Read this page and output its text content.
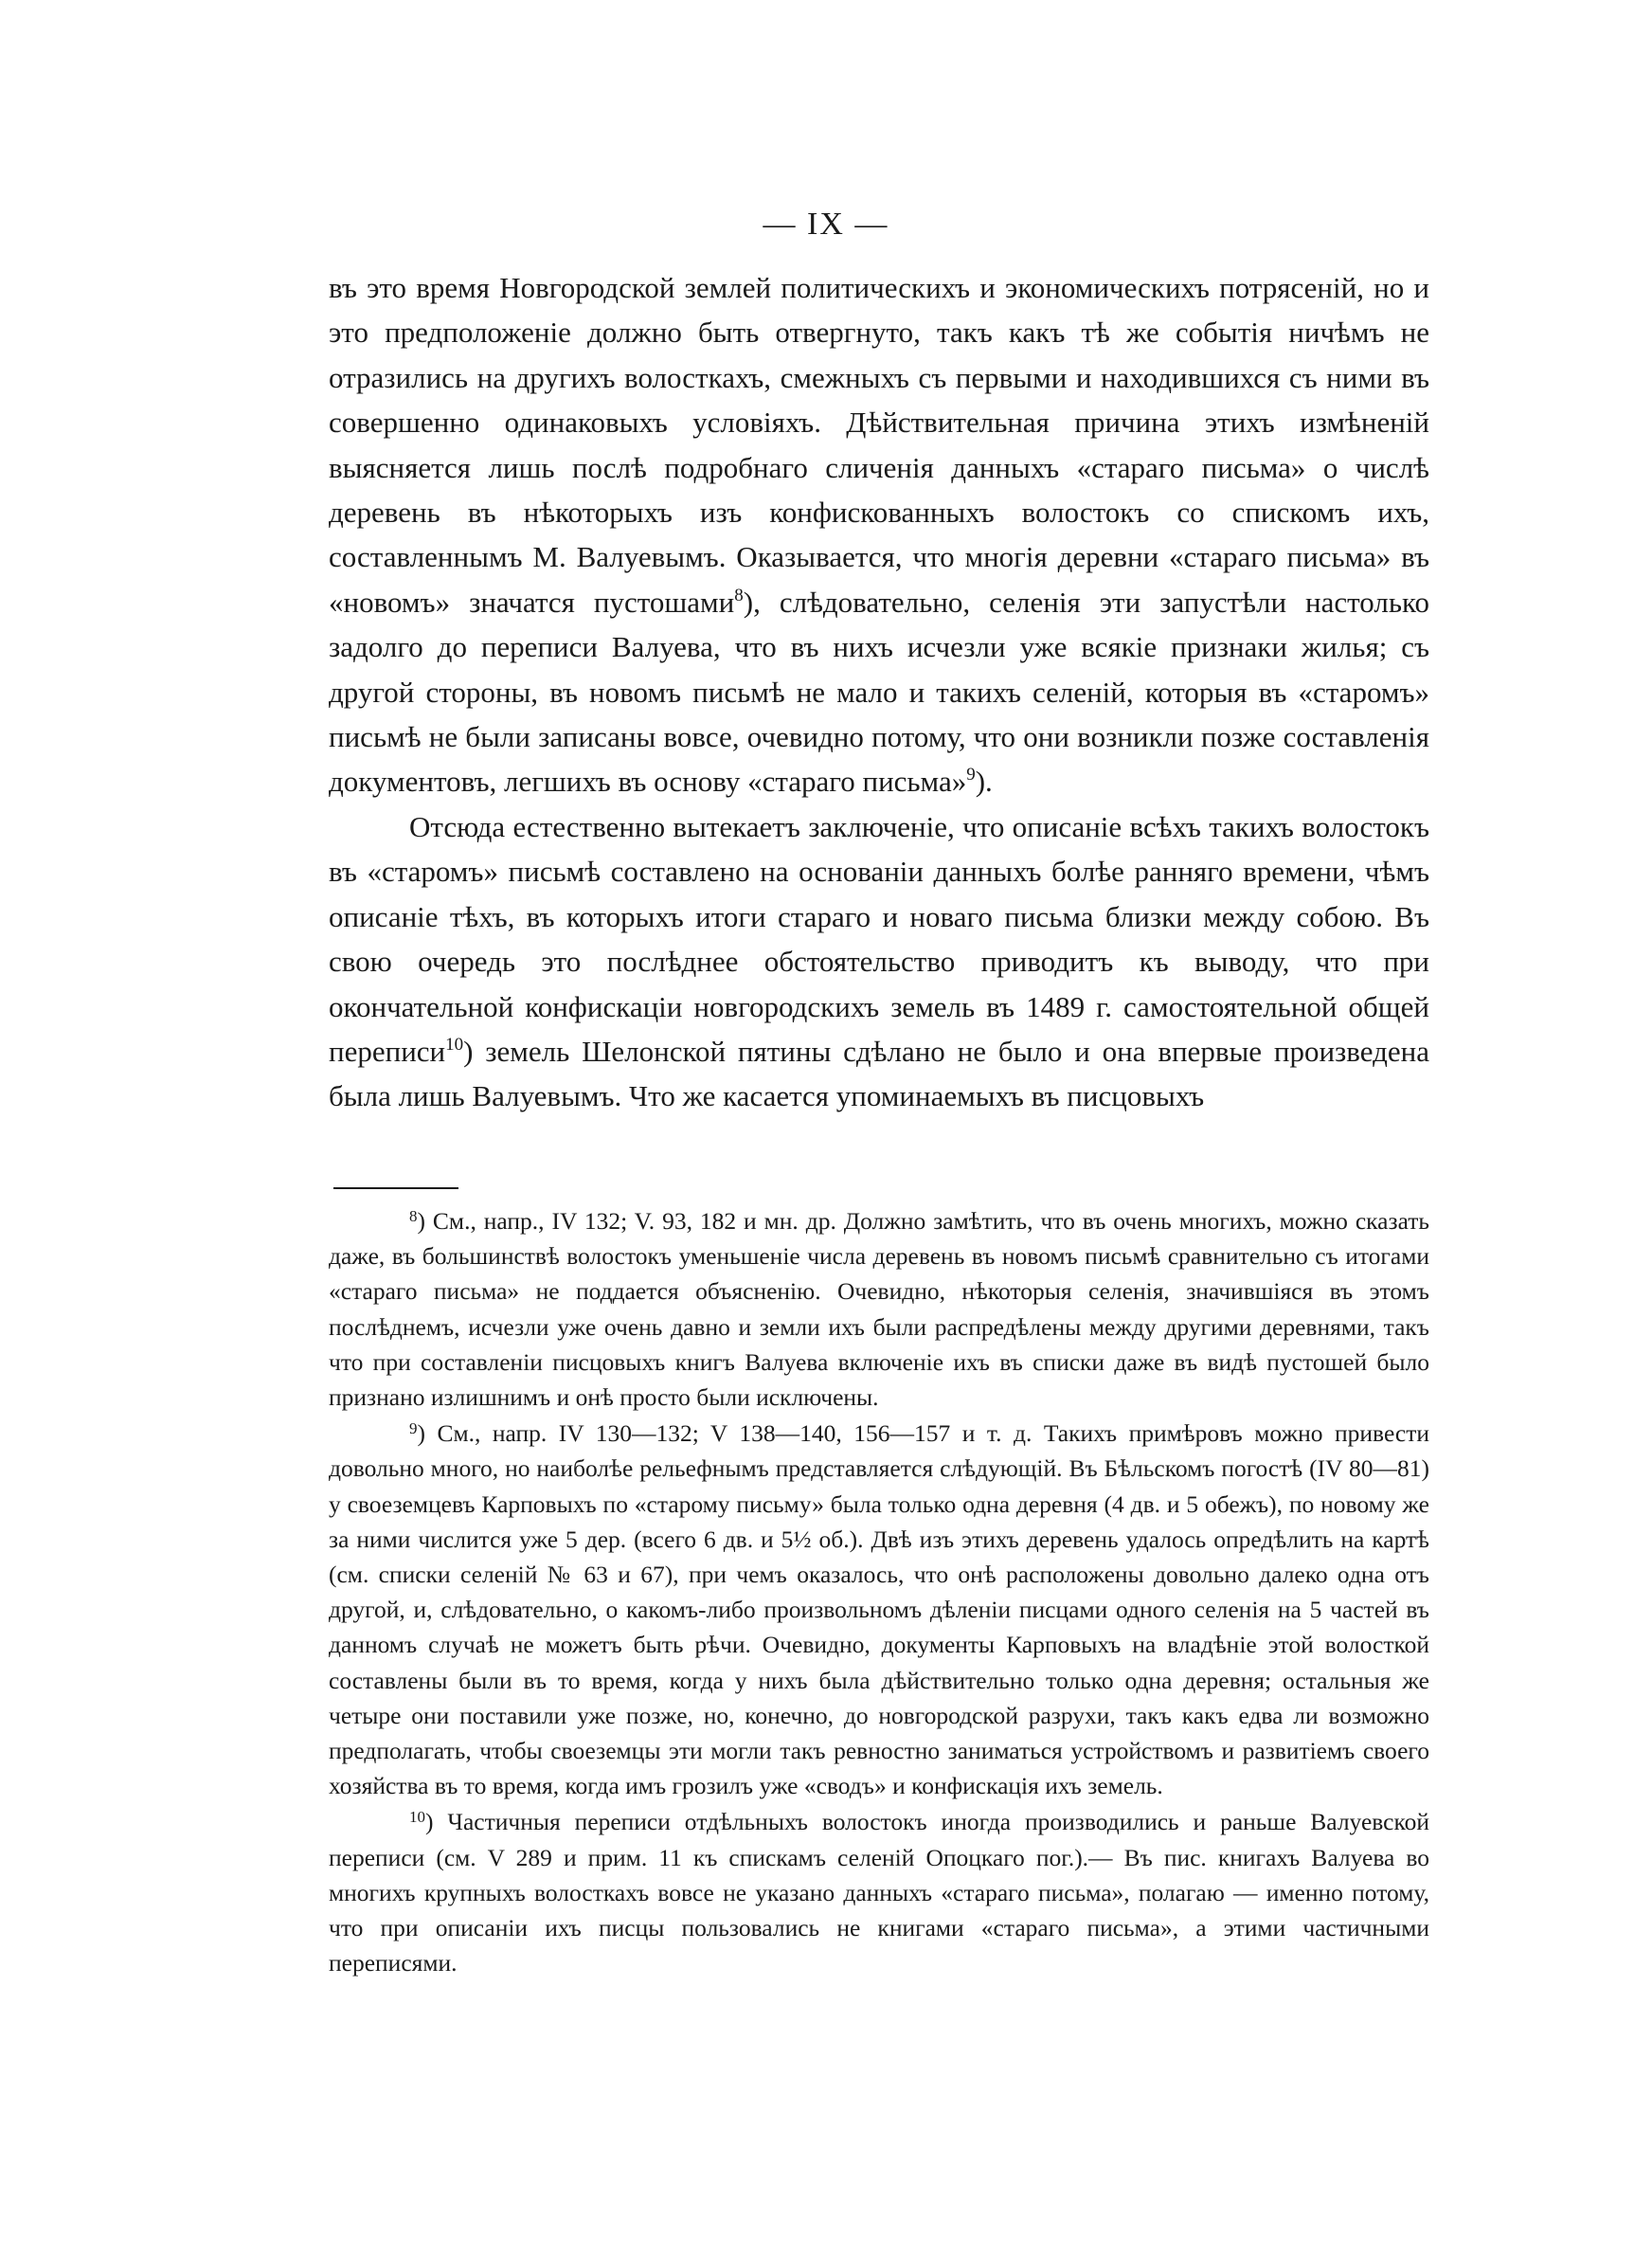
— IX —

въ это время Новгородской землей политическихъ и экономическихъ потрясеній, но и это предположеніе должно быть отвергнуто, такъ какъ тѣ же событія ничѣмъ не отразились на другихъ волосткахъ, смежныхъ съ первыми и находившихся съ ними въ совершенно одинаковыхъ условіяхъ. Дѣйствительная причина этихъ измѣненій выясняется лишь послѣ подробнаго сличенія данныхъ «стараго письма» о числѣ деревень въ нѣкоторыхъ изъ конфискованныхъ волостокъ со спискомъ ихъ, составленнымъ М. Валуевымъ. Оказывается, что многія деревни «стараго письма» въ «новомъ» значатся пустошами$^8$), слѣдовательно, селенія эти запустѣли настолько задолго до переписи Валуева, что въ нихъ исчезли уже всякіе признаки жилья; съ другой стороны, въ новомъ письмѣ не мало и такихъ селеній, которыя въ «старомъ» письмѣ не были записаны вовсе, очевидно потому, что они возникли позже составленія документовъ, легшихъ въ основу «стараго письма»$^9$).

Отсюда естественно вытекаетъ заключеніе, что описаніе всѣхъ такихъ волостокъ въ «старомъ» письмѣ составлено на основаніи данныхъ болѣе ранняго времени, чѣмъ описаніе тѣхъ, въ которыхъ итоги стараго и новаго письма близки между собою. Въ свою очередь это послѣднее обстоятельство приводитъ къ выводу, что при окончательной конфискаціи новгородскихъ земель въ 1489 г. самостоятельной общей переписи$^{10}$) земель Шелонской пятины сдѣлано не было и она впервые произведена была лишь Валуевымъ. Что же касается упоминаемыхъ въ писцовыхъ

$^8$) См., напр., IV 132; V. 93, 182 и мн. др. Должно замѣтить, что въ очень многихъ, можно сказать даже, въ большинствѣ волостокъ уменьшеніе числа деревень въ новомъ письмѣ сравнительно съ итогами «стараго письма» не поддается объясненію. Очевидно, нѣкоторыя селенія, значившіяся въ этомъ послѣднемъ, исчезли уже очень давно и земли ихъ были распредѣлены между другими деревнями, такъ что при составленіи писцовыхъ книгъ Валуева включеніе ихъ въ списки даже въ видѣ пустошей было признано излишнимъ и онѣ просто были исключены.

$^9$) См., напр. IV 130—132; V 138—140, 156—157 и т. д. Такихъ примѣровъ можно привести довольно много, но наиболѣе рельефнымъ представляется слѣдующій. Въ Бѣльскомъ погостѣ (IV 80—81) у своеземцевъ Карповыхъ по «старому письму» была только одна деревня (4 дв. и 5 обежъ), по новому же за ними числится уже 5 дер. (всего 6 дв. и 5½ об.). Двѣ изъ этихъ деревень удалось опредѣлить на картѣ (см. списки селеній № 63 и 67), при чемъ оказалось, что онѣ расположены довольно далеко одна отъ другой, и, слѣдовательно, о какомъ-либо произвольномъ дѣленіи писцами одного селенія на 5 частей въ данномъ случаѣ не можетъ быть рѣчи. Очевидно, документы Карповыхъ на владѣніе этой волосткой составлены были въ то время, когда у нихъ была дѣйствительно только одна деревня; остальныя же четыре они поставили уже позже, но, конечно, до новгородской разрухи, такъ какъ едва ли возможно предполагать, чтобы своеземцы эти могли такъ ревностно заниматься устройствомъ и развитіемъ своего хозяйства въ то время, когда имъ грозилъ уже «сводъ» и конфискація ихъ земель.

$^{10}$) Частичныя переписи отдѣльныхъ волостокъ иногда производились и раньше Валуевской переписи (см. V 289 и прим. 11 къ спискамъ селеній Опоцкаго пог.).— Въ пис. книгахъ Валуева во многихъ крупныхъ волосткахъ вовсе не указано данныхъ «стараго письма», полагаю — именно потому, что при описаніи ихъ писцы пользовались не книгами «стараго письма», а этими частичными переписями.
